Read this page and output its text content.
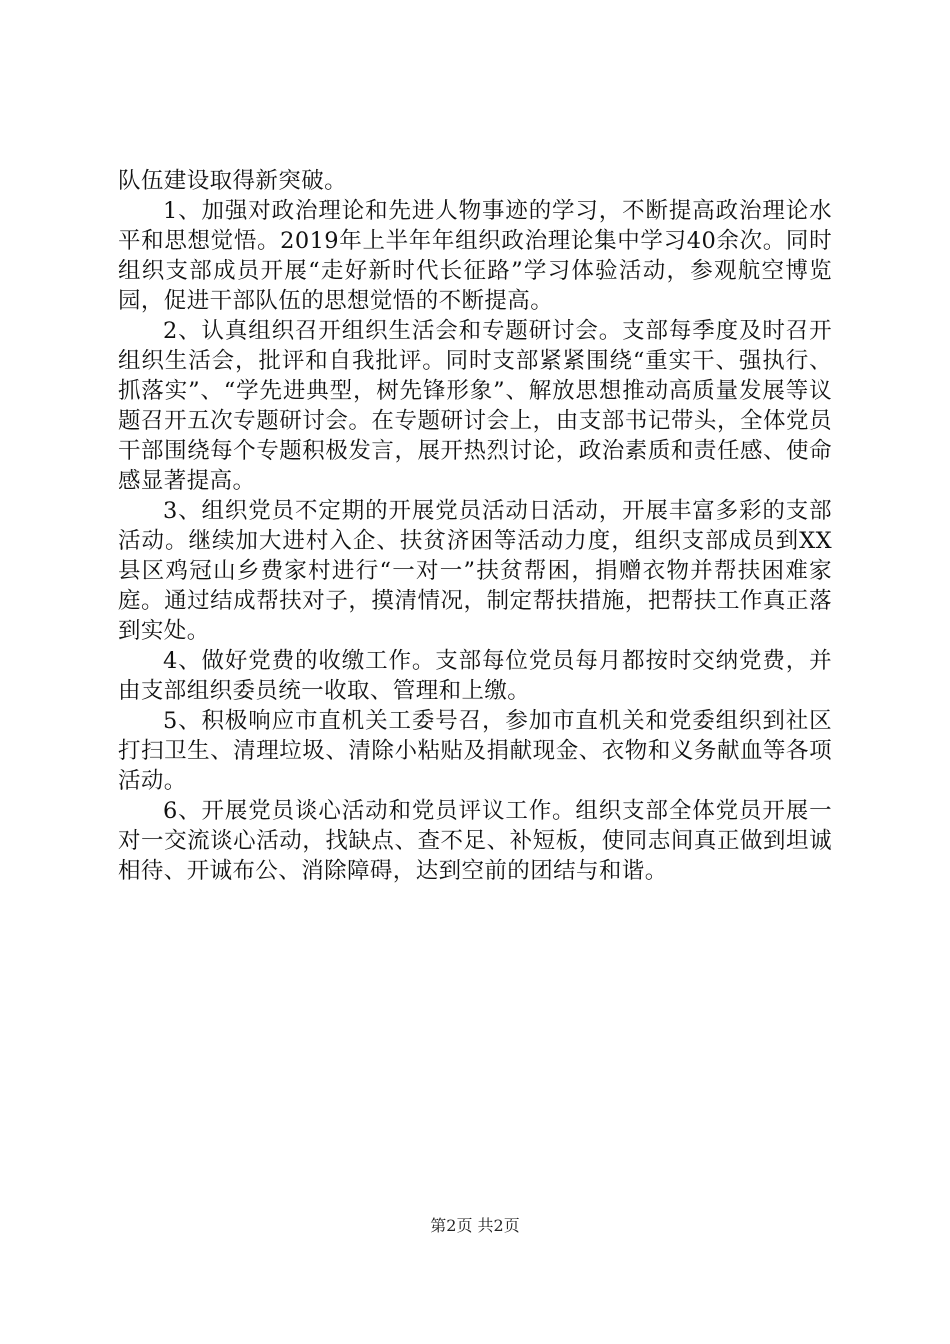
队伍建设取得新突破。

1、加强对政治理论和先进人物事迹的学习，不断提高政治理论水平和思想觉悟。2019年上半年年组织政治理论集中学习40余次。同时组织支部成员开展“走好新时代长征路”学习体验活动，参观航空博览园，促进干部队伍的思想觉悟的不断提高。

2、认真组织召开组织生活会和专题研讨会。支部每季度及时召开组织生活会，批评和自我批评。同时支部紧紧围绕“重实干、强执行、抓落实”、“学先进典型，树先锋形象”、解放思想推动高质量发展等议题召开五次专题研讨会。在专题研讨会上，由支部书记带头，全体党员干部围绕每个专题积极发言，展开热烈讨论，政治素质和责任感、使命感显著提高。

3、组织党员不定期的开展党员活动日活动，开展丰富多彩的支部活动。继续加大进村入企、扶贫济困等活动力度，组织支部成员到XX县区鸡冠山乡费家村进行“一对一”扶贫帮困，捐赠衣物并帮扶困难家庭。通过结成帮扶对子，摸清情况，制定帮扶措施，把帮扶工作真正落到实处。

4、做好党费的收缴工作。支部每位党员每月都按时交纳党费，并由支部组织委员统一收取、管理和上缴。

5、积极响应市直机关工委号召，参加市直机关和党委组织到社区打扫卫生、清理垃圾、清除小粘贴及捐献现金、衣物和义务献血等各项活动。

6、开展党员谈心活动和党员评议工作。组织支部全体党员开展一对一交流谈心活动，找缺点、查不足、补短板，使同志间真正做到坦诚相待、开诚布公、消除障碍，达到空前的团结与和谐。

第2页 共2页
